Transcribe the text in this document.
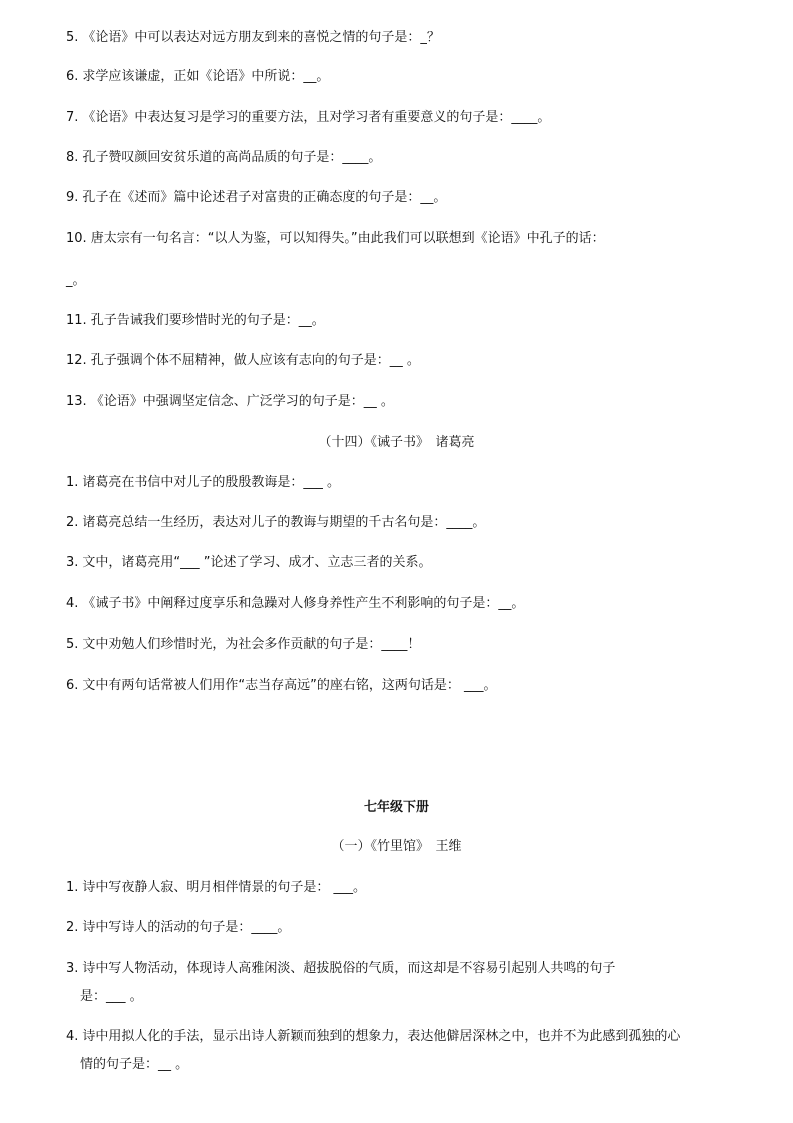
5. 《论语》中可以表达对远方朋友到来的喜悦之情的句子是：_？
6. 求学应该谦虚，正如《论语》中所说：__。
7. 《论语》中表达复习是学习的重要方法，且对学习者有重要意义的句子是：____。
8. 孔子赞叹颜回安贫乐道的高尚品质的句子是：____。
9. 孔子在《述而》篇中论述君子对富贵的正确态度的句子是：__。
10. 唐太宗有一句名言：“以人为鉴，可以知得失。”由此我们可以联想到《论语》中孔子的话：
_。
11. 孔子告诫我们要珍惜时光的句子是：__。
12. 孔子强调个体不屈精神，做人应该有志向的句子是：__ 。
13. 《论语》中强调坚定信念、广泛学习的句子是：__ 。
（十四）《诫子书》　诸葛亮
1. 诸葛亮在书信中对儿子的殷殷教诲是：___ 。
2. 诸葛亮总结一生经历，表达对儿子的教诲与期望的千古名句是：____。
3. 文中，诸葛亮用“___ ”论述了学习、成才、立志三者的关系。
4. 《诫子书》中阐释过度享乐和急躁对人修身养性产生不利影响的句子是：__。
5. 文中劝勉人们珍惜时光，为社会多作贡献的句子是：____！
6. 文中有两句话常被人们用作“志当存高远”的座右铭，这两句话是： ___。
七年级下册
（一）《竹里馆》　王维
1. 诗中写夜静人寂、明月相伴情景的句子是： ___。
2. 诗中写诗人的活动的句子是：____。
3. 诗中写人物活动，体现诗人高雅闲淡、超拔脱俗的气质，而这却是不容易引起别人共鸣的句子
是：___ 。
4. 诗中用拟人化的手法，显示出诗人新颖而独到的想象力，表达他僻居深林之中，也并不为此感到孤独的心
情的句子是：__ 。
